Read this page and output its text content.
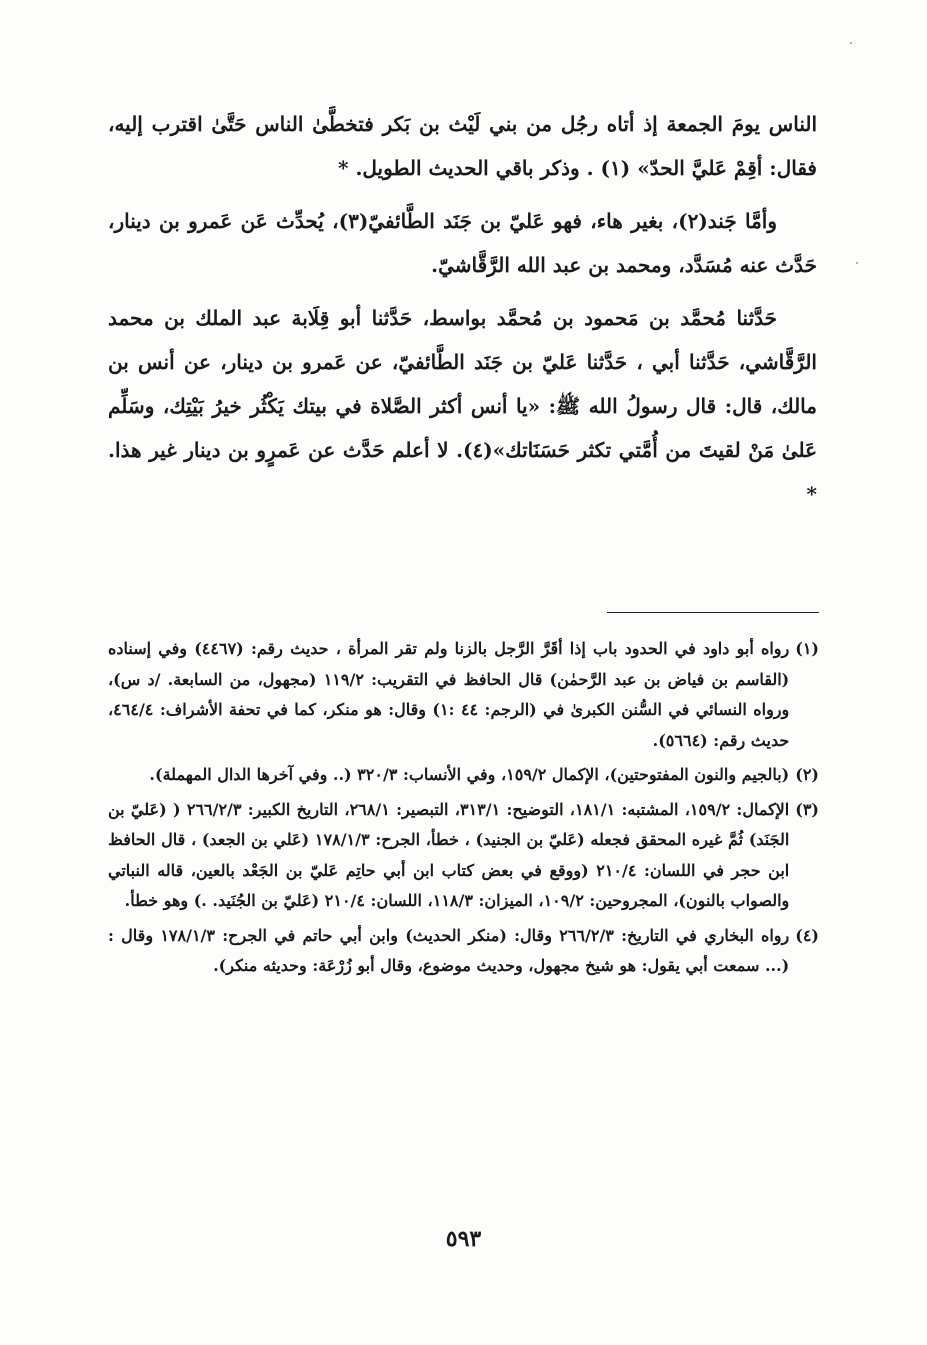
الناس يومَ الجمعة إذ أتاه رجُل من بني لَيْث بن بَكر فتخطَّىٰ الناس حَتَّىٰ اقترب إليه، فقال: أقِمْ عَليَّ الحدّ» (١) . وذكر باقي الحديث الطويل. *

وأمَّا جَند(٢)، بغير هاء، فهو عَليّ بن جَنَد الطَّائفيّ(٣)، يُحدِّث عَن عَمرو بن دينار، حَدَّث عنه مُسَدَّد، ومحمد بن عبد الله الرَّقَّاشيّ.

حَدَّثنا مُحمَّد بن مَحمود بن مُحمَّد بواسط، حَدَّثنا أبو قِلَابة عبد الملك بن محمد الرَّقَّاشي، حَدَّثنا أبي ، حَدَّثنا عَليّ بن جَنَد الطَّائفيّ، عن عَمرو بن دينار، عن أنس بن مالك، قال: قال رسولُ الله ﷺ: «يا أنس أكثر الصَّلاة في بيتك يَكْثُر خيرُ بَيْتِك، وسَلِّم عَلىٰ مَنْ لقيتَ من أُمَّتي تكثر حَسَنَاتك»(٤). لا أعلم حَدَّث عن عَمرٍو بن دينار غير هذا. *

(١)
رواه أبو داود في الحدود باب إذا أقَرَّ الرَّجل بالزنا ولم تقر المرأة ، حديث رقم: (٤٤٦٧) وفي إسناده (القاسم بن فياض بن عبد الرَّحمٰن) قال الحافظ في التقريب: ١١٩/٢ (مجهول، من السابعة. /د س)، ورواه النسائي في السُّنن الكبرىٰ في (الرجم: ٤٤ :١) وقال: هو منكر، كما في تحفة الأشراف: ٤٦٤/٤، حديث رقم: (٥٦٦٤).
(٢)
(بالجيم والنون المفتوحتين)، الإكمال ١٥٩/٢، وفي الأنساب: ٣٢٠/٣ (.. وفي آخرها الدال المهملة).
(٣)
الإكمال: ١٥٩/٢، المشتبه: ١٨١/١، التوضيح: ٣١٣/١، التبصير: ٢٦٨/١، التاريخ الكبير: ٢٦٦/٢/٣ ( (عَليّ بن الجَنَد) ثُمَّ غيره المحقق فجعله (عَليّ بن الجنيد) ، خطأ، الجرح: ١٧٨/١/٣ (عَلي بن الجعد) ، قال الحافظ ابن حجر في اللسان: ٢١٠/٤ (ووقع في بعض كتاب ابن أبي حاتِم عَليّ بن الجَعْد بالعين، قاله النباتي والصواب بالنون)، المجروحين: ١٠٩/٢، الميزان: ١١٨/٣، اللسان: ٢١٠/٤ (عَليّ بن الجُنَيد. .) وهو خطأ.
(٤)
رواه البخاري في التاريخ: ٢٦٦/٢/٣ وقال: (منكر الحديث) وابن أبي حاتم في الجرح: ١٧٨/١/٣ وقال : (... سمعت أبي يقول: هو شيخ مجهول، وحديث موضوع، وقال أبو زُرْعَة: وحديثه منكر).
٥٩٣
